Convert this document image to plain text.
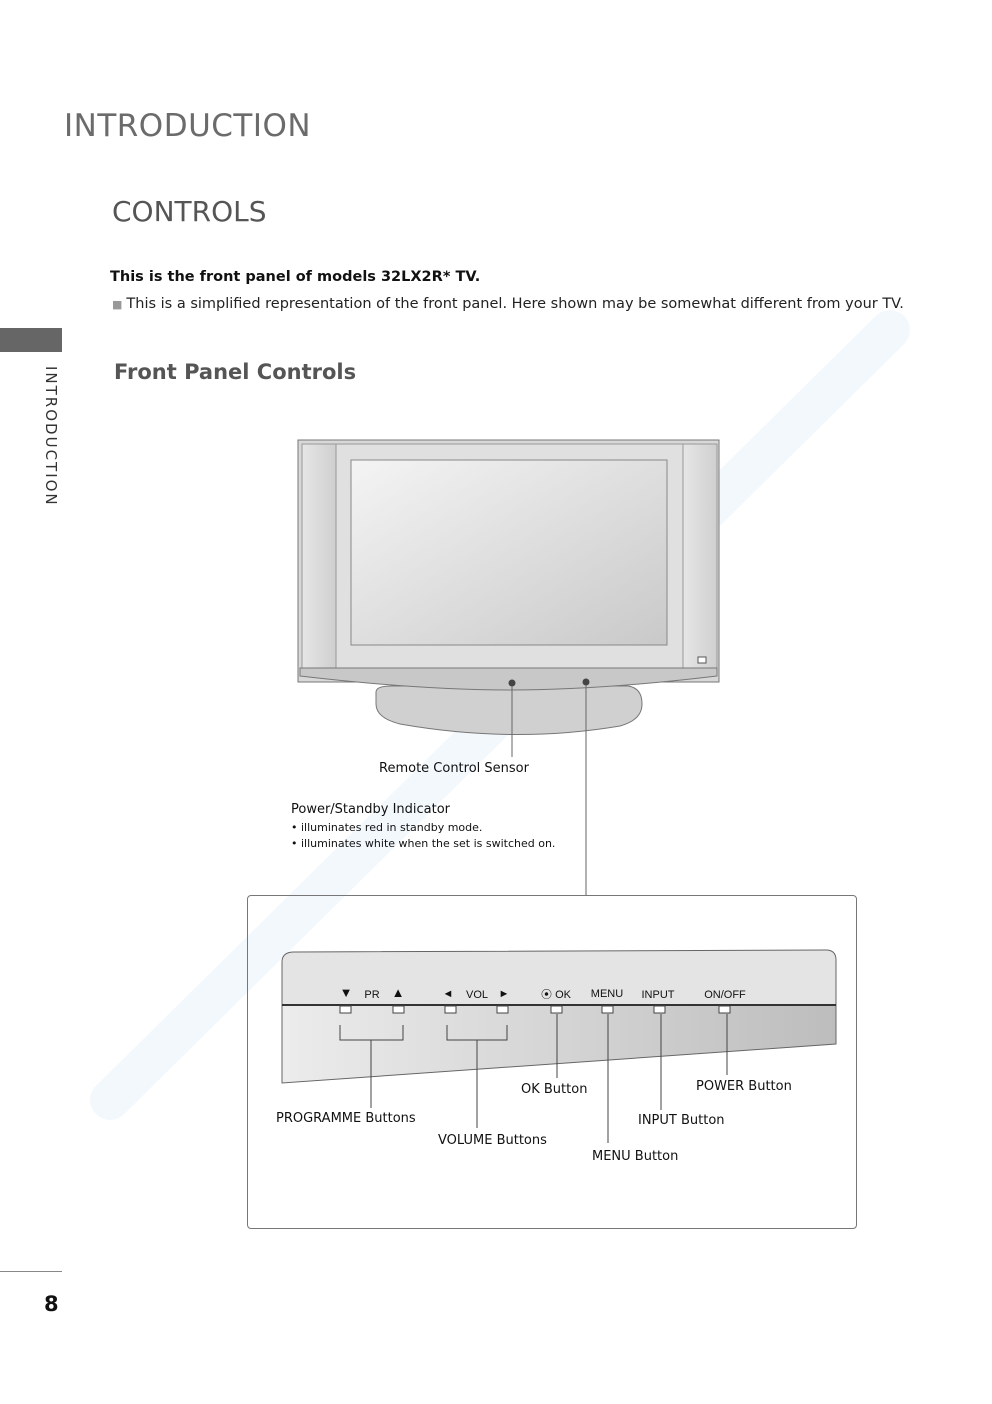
INTRODUCTION
INTRODUCTION
CONTROLS
This is the front panel of models 32LX2R* TV.
■ This is a simplified representation of the front panel. Here shown may be somewhat different from your TV.
Front Panel Controls
Remote Control Sensor
Power/Standby Indicator
• illuminates red in standby mode.
• illuminates white when the set is switched on.
▼ PR ▲	◄ VOL ►	⦿ OK MENU INPUT	ON/OFF
PROGRAMME Buttons
VOLUME Buttons
OK Button
MENU Button
INPUT Button
POWER Button
8
